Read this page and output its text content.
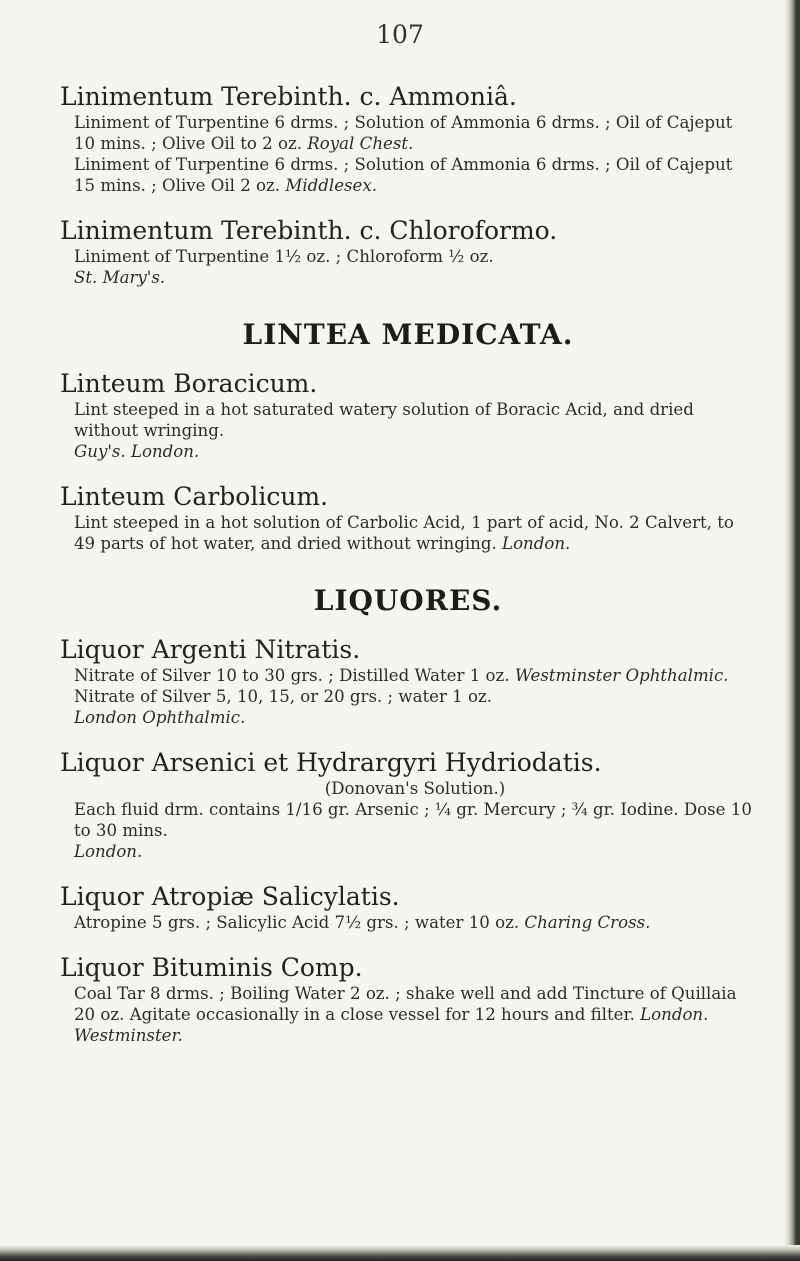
107
Linimentum Terebinth. c. Ammoniâ.

Liniment of Turpentine 6 drms. ; Solution of Ammonia 6 drms. ; Oil of Cajeput 10 mins. ; Olive Oil to 2 oz. Royal Chest.

Liniment of Turpentine 6 drms. ; Solution of Ammonia 6 drms. ; Oil of Cajeput 15 mins. ; Olive Oil 2 oz. Middlesex.

Linimentum Terebinth. c. Chloroformo.

Liniment of Turpentine 1½ oz. ; Chloroform ½ oz.
St. Mary's.

LINTEA MEDICATA.
Linteum Boracicum.

Lint steeped in a hot saturated watery solution of Boracic Acid, and dried without wringing.
Guy's. London.

Linteum Carbolicum.

Lint steeped in a hot solution of Carbolic Acid, 1 part of acid, No. 2 Calvert, to 49 parts of hot water, and dried without wringing. London.

LIQUORES.
Liquor Argenti Nitratis.

Nitrate of Silver 10 to 30 grs. ; Distilled Water 1 oz. Westminster Ophthalmic.

Nitrate of Silver 5, 10, 15, or 20 grs. ; water 1 oz.
London Ophthalmic.

Liquor Arsenici et Hydrargyri Hydriodatis.

(Donovan's Solution.)

Each fluid drm. contains 1/16 gr. Arsenic ; ¼ gr. Mercury ; ¾ gr. Iodine. Dose 10 to 30 mins.
London.

Liquor Atropiæ Salicylatis.

Atropine 5 grs. ; Salicylic Acid 7½ grs. ; water 10 oz. Charing Cross.

Liquor Bituminis Comp.

Coal Tar 8 drms. ; Boiling Water 2 oz. ; shake well and add Tincture of Quillaia 20 oz. Agitate occasionally in a close vessel for 12 hours and filter. London. Westminster.
